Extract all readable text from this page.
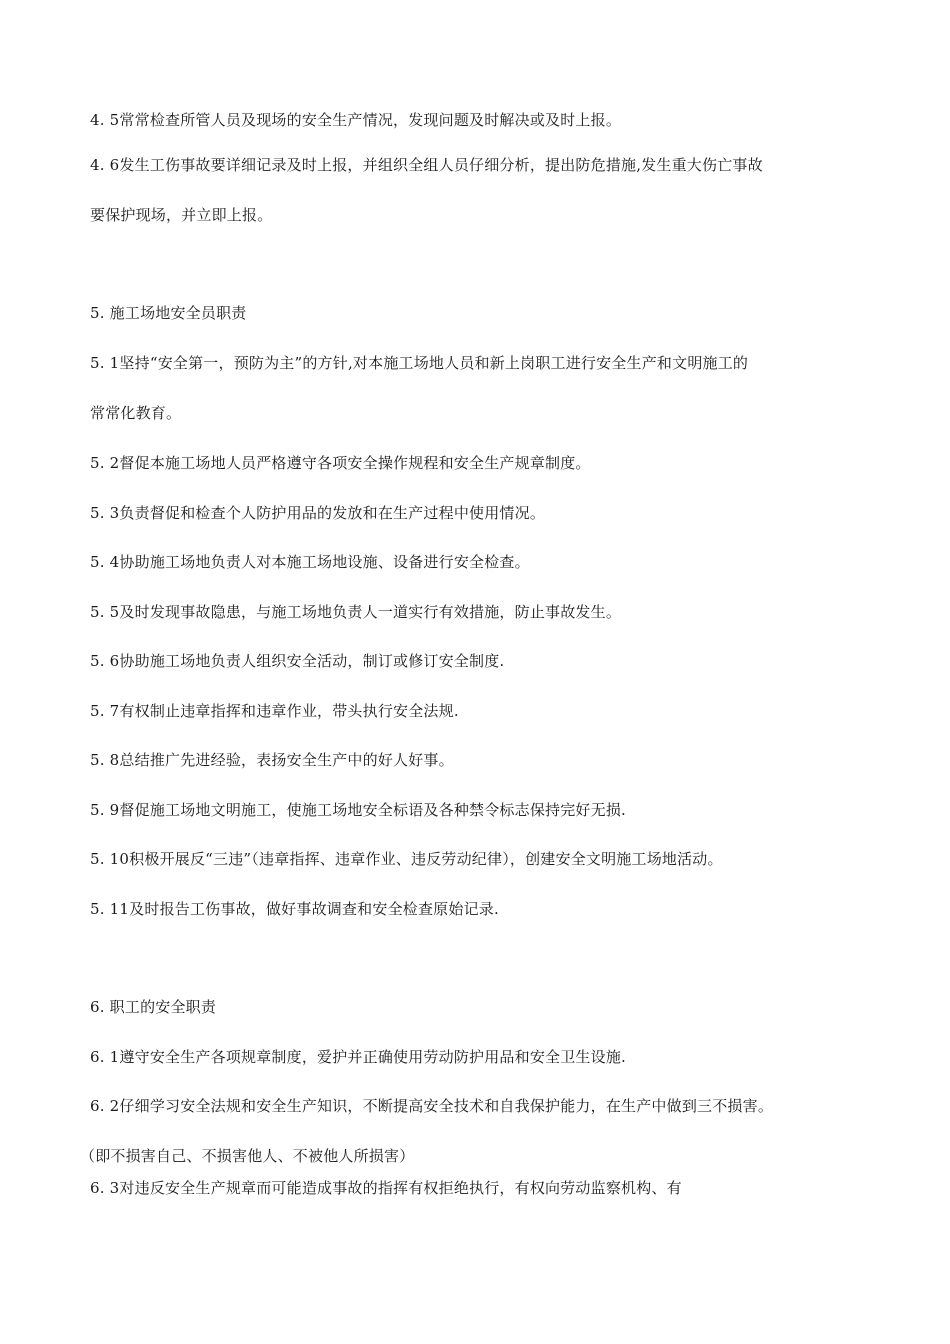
4. 5常常检查所管人员及现场的安全生产情况，发现问题及时解决或及时上报。
4. 6发生工伤事故要详细记录及时上报，并组织全组人员仔细分析，提出防危措施,发生重大伤亡事故
要保护现场，并立即上报。
5. 施工场地安全员职责
5. 1坚持“安全第一，预防为主”的方针,对本施工场地人员和新上岗职工进行安全生产和文明施工的
常常化教育。
5. 2督促本施工场地人员严格遵守各项安全操作规程和安全生产规章制度。
5. 3负责督促和检查个人防护用品的发放和在生产过程中使用情况。
5. 4协助施工场地负责人对本施工场地设施、设备进行安全检查。
5. 5及时发现事故隐患，与施工场地负责人一道实行有效措施，防止事故发生。
5. 6协助施工场地负责人组织安全活动，制订或修订安全制度.
5. 7有权制止违章指挥和违章作业，带头执行安全法规.
5. 8总结推广先进经验，表扬安全生产中的好人好事。
5. 9督促施工场地文明施工，使施工场地安全标语及各种禁令标志保持完好无损.
5. 10积极开展反“三违”（违章指挥、违章作业、违反劳动纪律），创建安全文明施工场地活动。
5. 11及时报告工伤事故，做好事故调查和安全检查原始记录.
6. 职工的安全职责
6. 1遵守安全生产各项规章制度，爱护并正确使用劳动防护用品和安全卫生设施.
6. 2仔细学习安全法规和安全生产知识，不断提高安全技术和自我保护能力，在生产中做到三不损害。
（即不损害自己、不损害他人、不被他人所损害）
6. 3对违反安全生产规章而可能造成事故的指挥有权拒绝执行，有权向劳动监察机构、有
